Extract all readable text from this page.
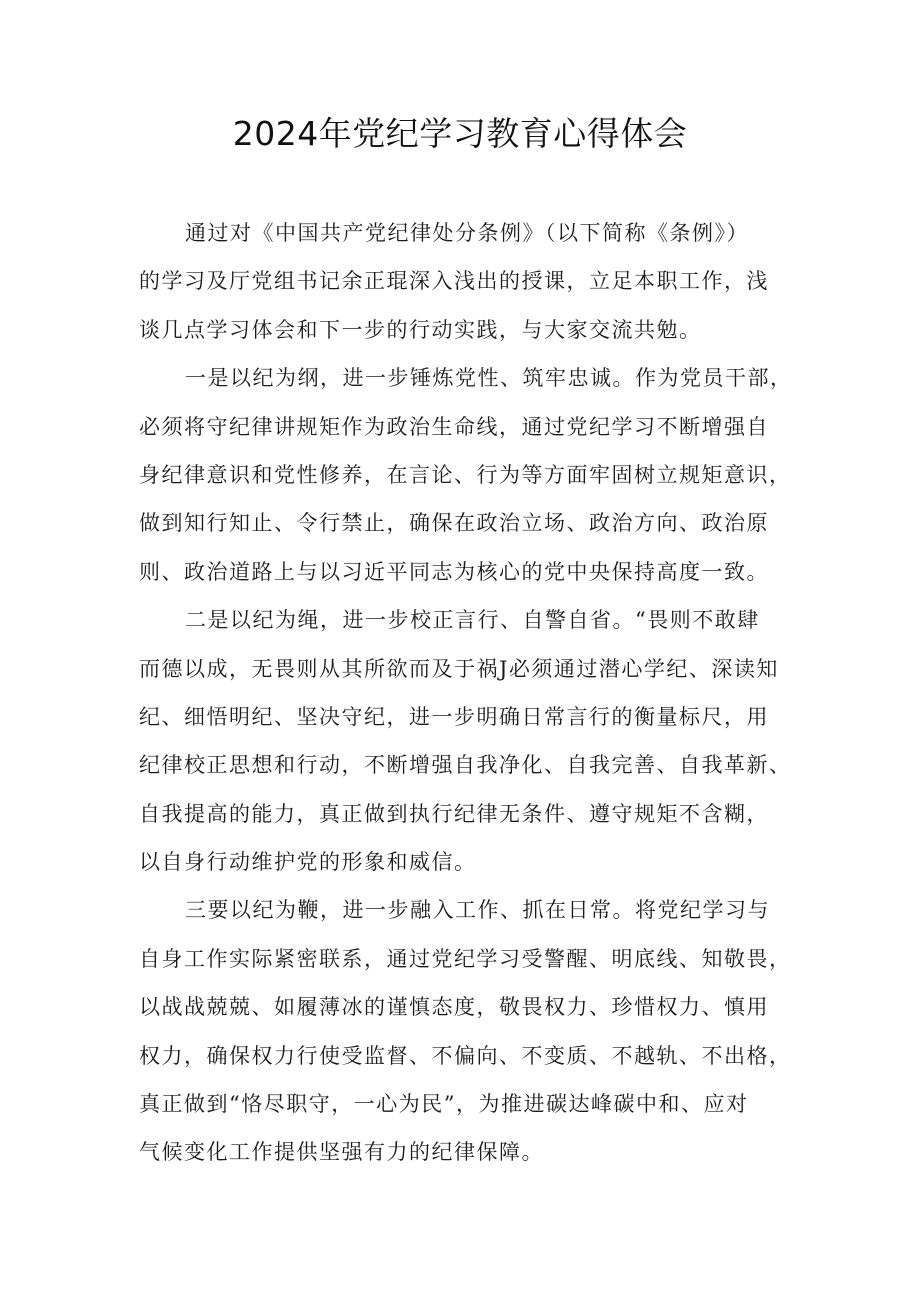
2024年党纪学习教育心得体会
通过对《中国共产党纪律处分条例》（以下简称《条例》）
的学习及厅党组书记余正琨深入浅出的授课，立足本职工作，浅
谈几点学习体会和下一步的行动实践，与大家交流共勉。
一是以纪为纲，进一步锤炼党性、筑牢忠诚。作为党员干部，
必须将守纪律讲规矩作为政治生命线，通过党纪学习不断增强自
身纪律意识和党性修养，在言论、行为等方面牢固树立规矩意识，
做到知行知止、令行禁止，确保在政治立场、政治方向、政治原
则、政治道路上与以习近平同志为核心的党中央保持高度一致。
二是以纪为绳，进一步校正言行、自警自省。“畏则不敢肆
而德以成，无畏则从其所欲而及于祸J必须通过潜心学纪、深读知
纪、细悟明纪、坚决守纪，进一步明确日常言行的衡量标尺，用
纪律校正思想和行动，不断增强自我净化、自我完善、自我革新、
自我提高的能力，真正做到执行纪律无条件、遵守规矩不含糊，
以自身行动维护党的形象和威信。
三要以纪为鞭，进一步融入工作、抓在日常。将党纪学习与
自身工作实际紧密联系，通过党纪学习受警醒、明底线、知敬畏，
以战战兢兢、如履薄冰的谨慎态度，敬畏权力、珍惜权力、慎用
权力，确保权力行使受监督、不偏向、不变质、不越轨、不出格，
真正做到“恪尽职守，一心为民”，为推进碳达峰碳中和、应对
气候变化工作提供坚强有力的纪律保障。
